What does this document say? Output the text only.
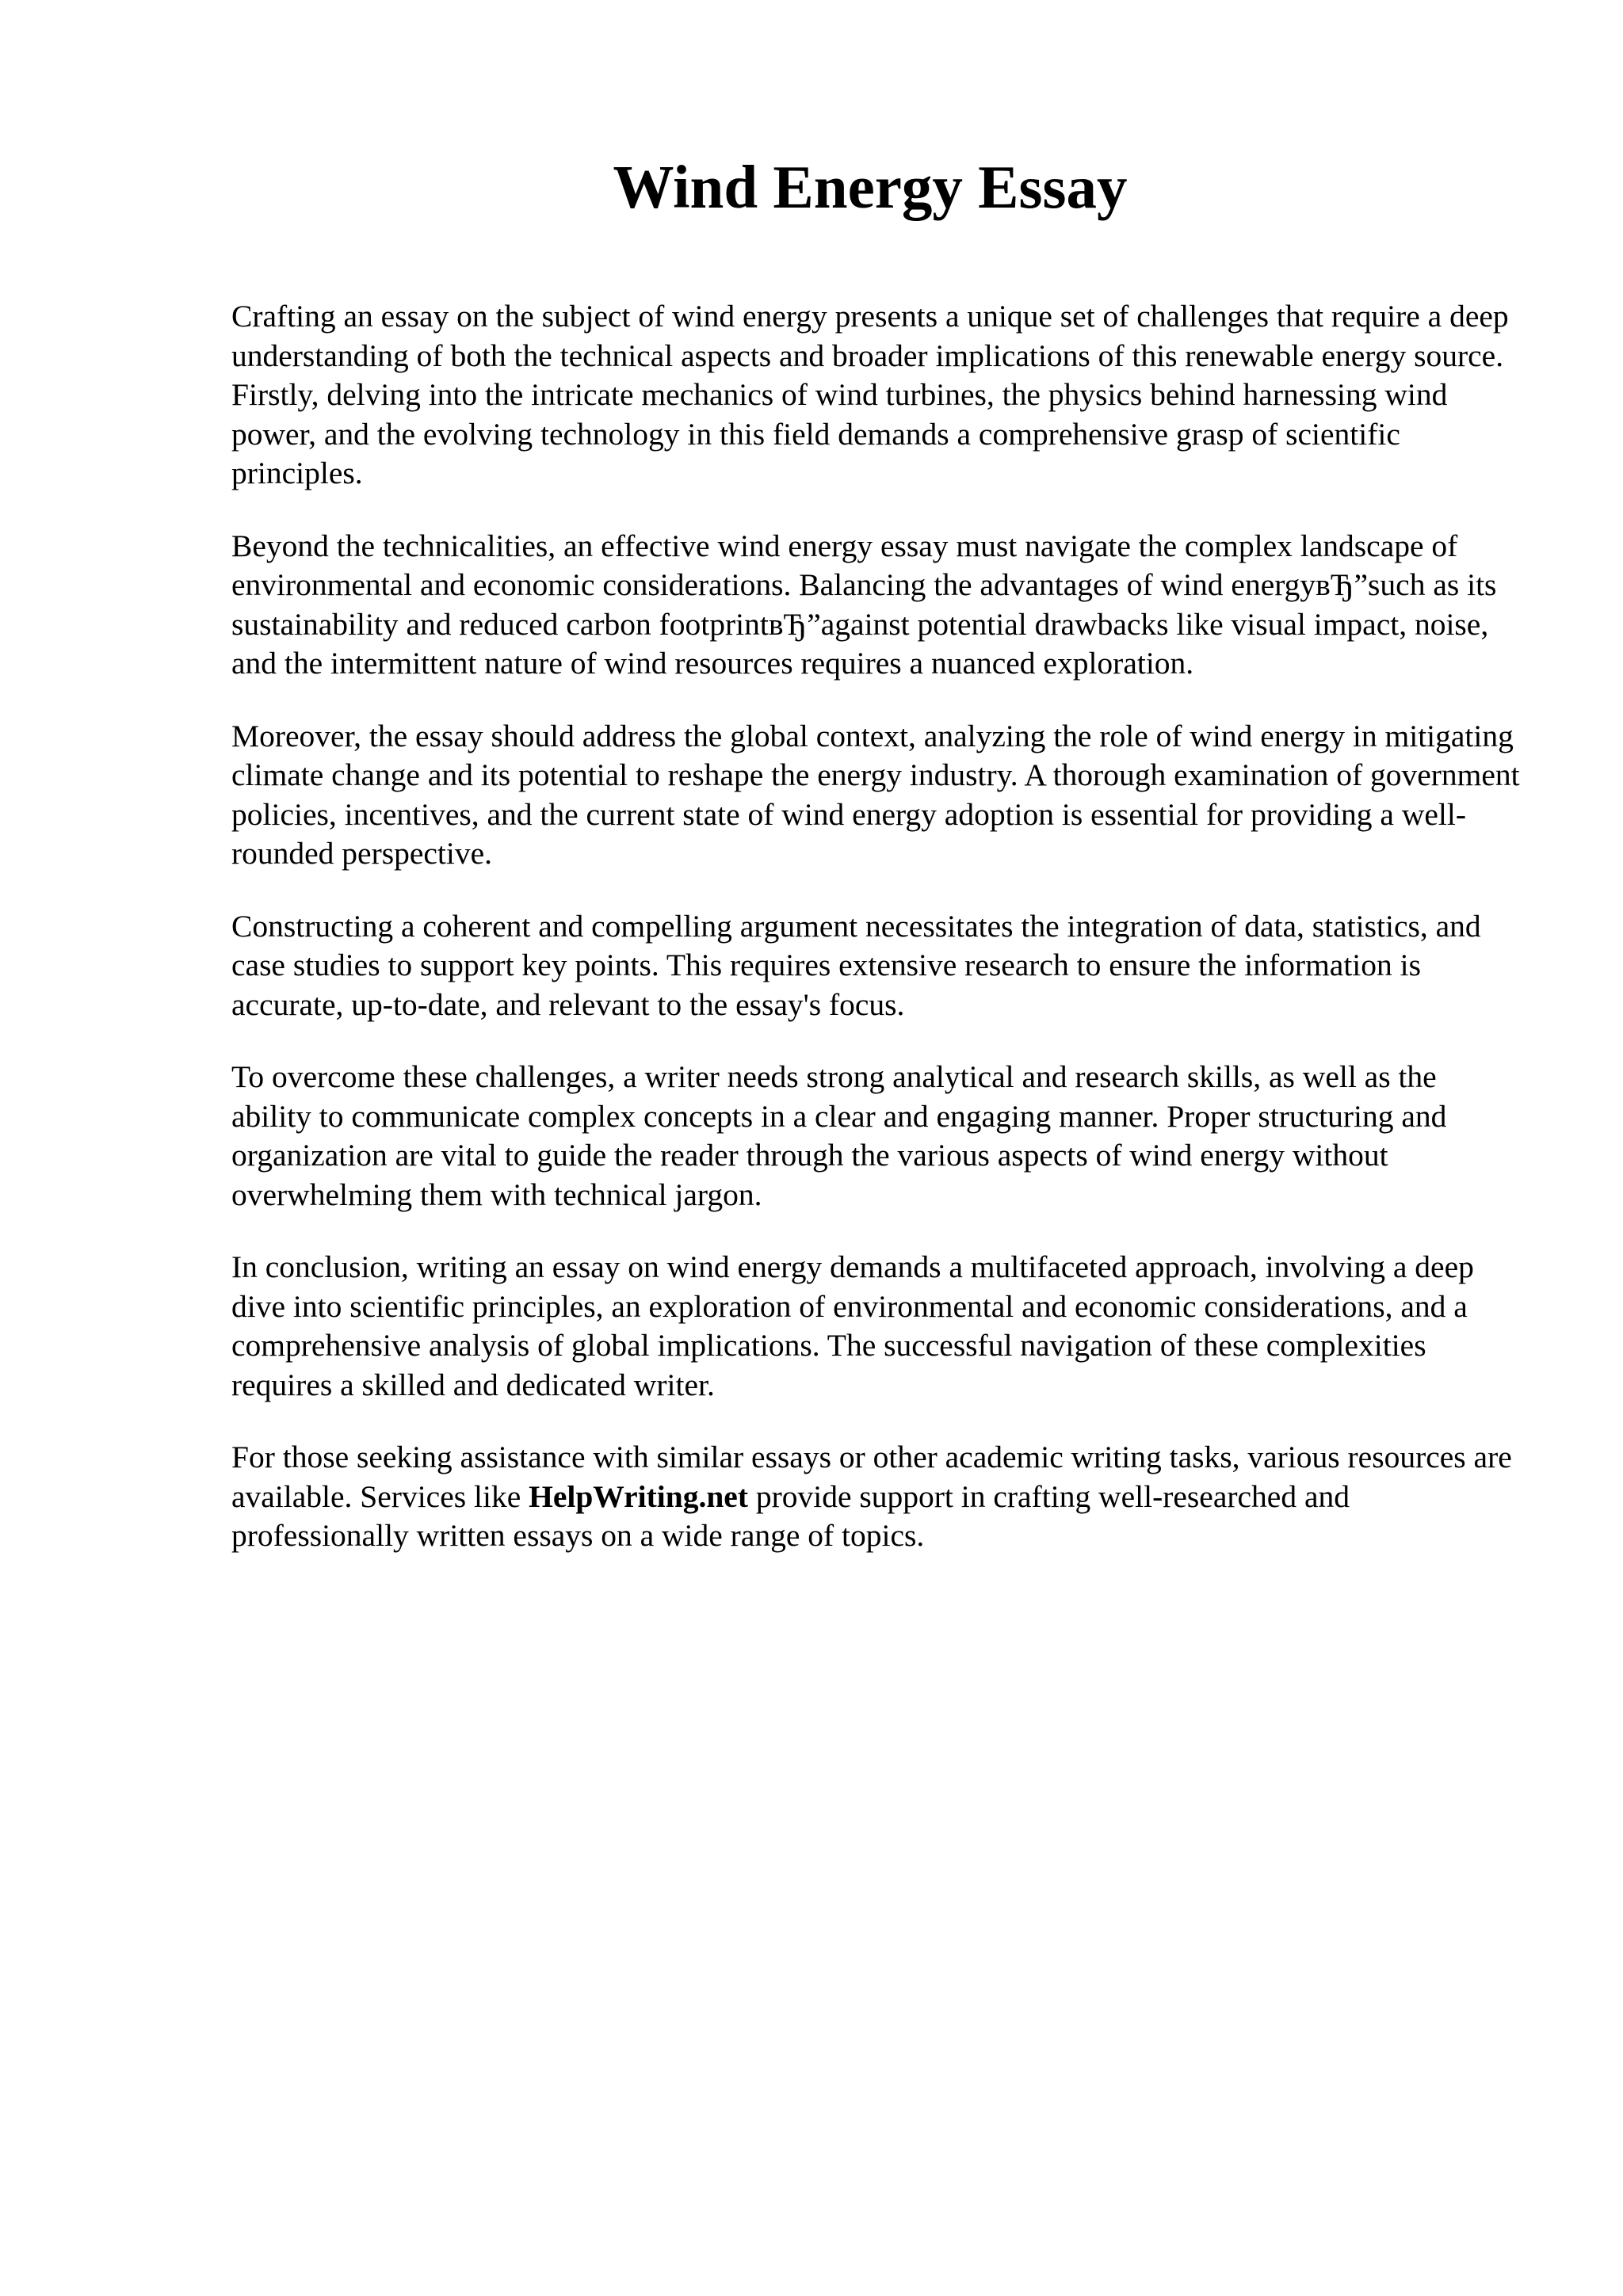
Wind Energy Essay

Crafting an essay on the subject of wind energy presents a unique set of challenges that require a deep understanding of both the technical aspects and broader implications of this renewable energy source. Firstly, delving into the intricate mechanics of wind turbines, the physics behind harnessing wind power, and the evolving technology in this field demands a comprehensive grasp of scientific principles.

Beyond the technicalities, an effective wind energy essay must navigate the complex landscape of environmental and economic considerations. Balancing the advantages of wind energyвЂ”such as its sustainability and reduced carbon footprintвЂ”against potential drawbacks like visual impact, noise, and the intermittent nature of wind resources requires a nuanced exploration.

Moreover, the essay should address the global context, analyzing the role of wind energy in mitigating climate change and its potential to reshape the energy industry. A thorough examination of government policies, incentives, and the current state of wind energy adoption is essential for providing a well-rounded perspective.

Constructing a coherent and compelling argument necessitates the integration of data, statistics, and case studies to support key points. This requires extensive research to ensure the information is accurate, up-to-date, and relevant to the essay's focus.

To overcome these challenges, a writer needs strong analytical and research skills, as well as the ability to communicate complex concepts in a clear and engaging manner. Proper structuring and organization are vital to guide the reader through the various aspects of wind energy without overwhelming them with technical jargon.

In conclusion, writing an essay on wind energy demands a multifaceted approach, involving a deep dive into scientific principles, an exploration of environmental and economic considerations, and a comprehensive analysis of global implications. The successful navigation of these complexities requires a skilled and dedicated writer.

For those seeking assistance with similar essays or other academic writing tasks, various resources are available. Services like HelpWriting.net provide support in crafting well-researched and professionally written essays on a wide range of topics.
